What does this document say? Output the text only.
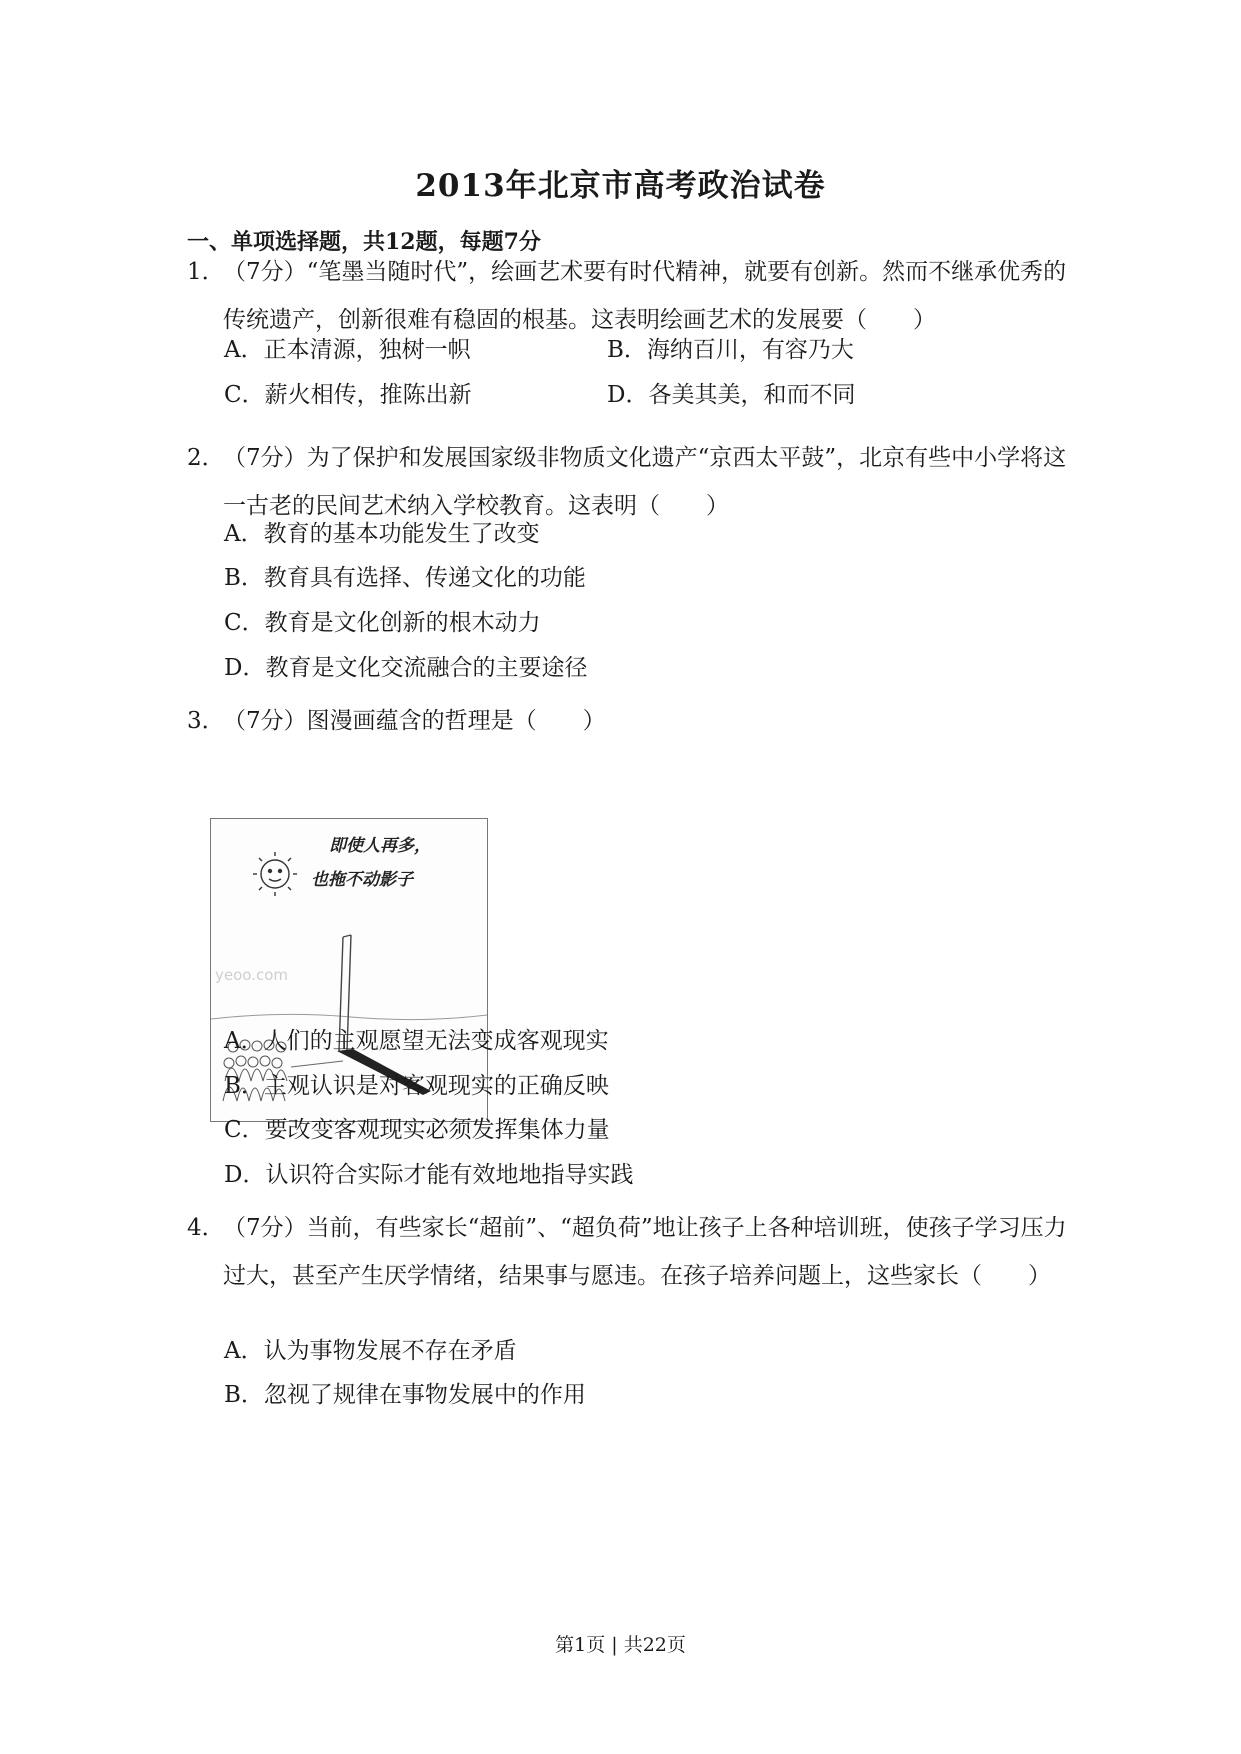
2013年北京市高考政治试卷
一、单项选择题，共12题，每题7分
1．
（7分）“笔墨当随时代”，绘画艺术要有时代精神，就要有创新。然而不继承优秀的传统遗产，创新很难有稳固的根基。这表明绘画艺术的发展要（　　）
A．正本清源，独树一帜	B．海纳百川，有容乃大
C．薪火相传，推陈出新	D．各美其美，和而不同
2．
（7分）为了保护和发展国家级非物质文化遗产“京西太平鼓”，北京有些中小学将这一古老的民间艺术纳入学校教育。这表明（　　）
A．教育的基本功能发生了改变
B．教育具有选择、传递文化的功能
C．教育是文化创新的根木动力
D．教育是文化交流融合的主要途径
3．
（7分）图漫画蕴含的哲理是（　　）
即使人再多，
也拖不动影子
yeoo.com
A．人们的主观愿望无法变成客观现实
B．主观认识是对客观现实的正确反映
C．要改变客观现实必须发挥集体力量
D．认识符合实际才能有效地地指导实践
4．
（7分）当前，有些家长“超前”、“超负荷”地让孩子上各种培训班，使孩子学习压力过大，甚至产生厌学情绪，结果事与愿违。在孩子培养问题上，这些家长（　　）
A．认为事物发展不存在矛盾
B．忽视了规律在事物发展中的作用
第1页 | 共22页
